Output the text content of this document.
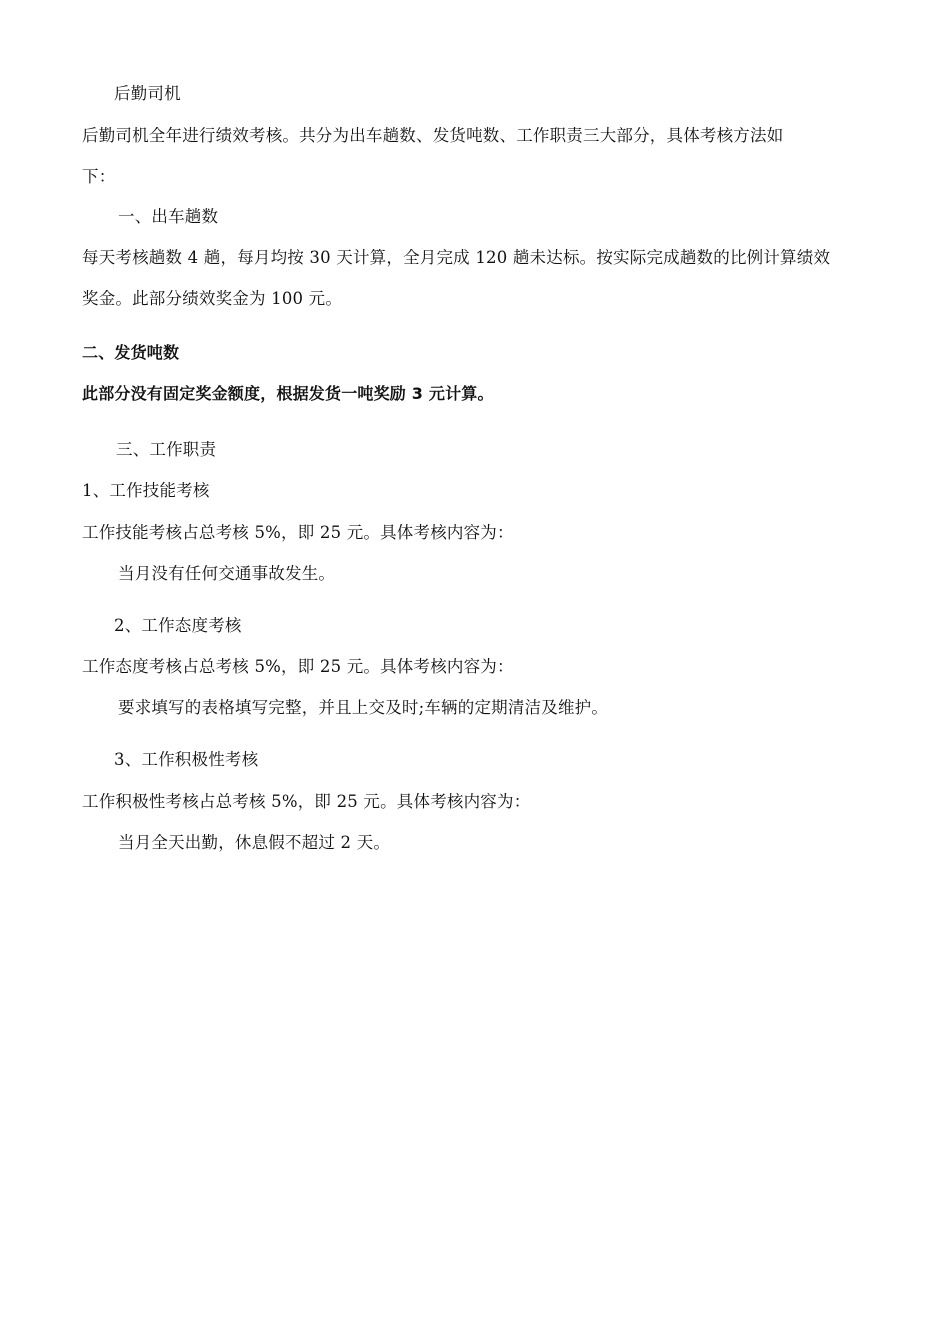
后勤司机
后勤司机全年进行绩效考核。共分为出车趟数、发货吨数、工作职责三大部分，具体考核方法如
下：
一、出车趟数
每天考核趟数 4 趟，每月均按 30 天计算，全月完成 120 趟未达标。按实际完成趟数的比例计算绩效
奖金。此部分绩效奖金为 100 元。
二、发货吨数
此部分没有固定奖金额度，根据发货一吨奖励 3 元计算。
三、工作职责
1、工作技能考核
工作技能考核占总考核 5%，即 25 元。具体考核内容为：
当月没有任何交通事故发生。
2、工作态度考核
工作态度考核占总考核 5%，即 25 元。具体考核内容为：
要求填写的表格填写完整，并且上交及时;车辆的定期清洁及维护。
3、工作积极性考核
工作积极性考核占总考核 5%，即 25 元。具体考核内容为：
当月全天出勤，休息假不超过 2 天。
